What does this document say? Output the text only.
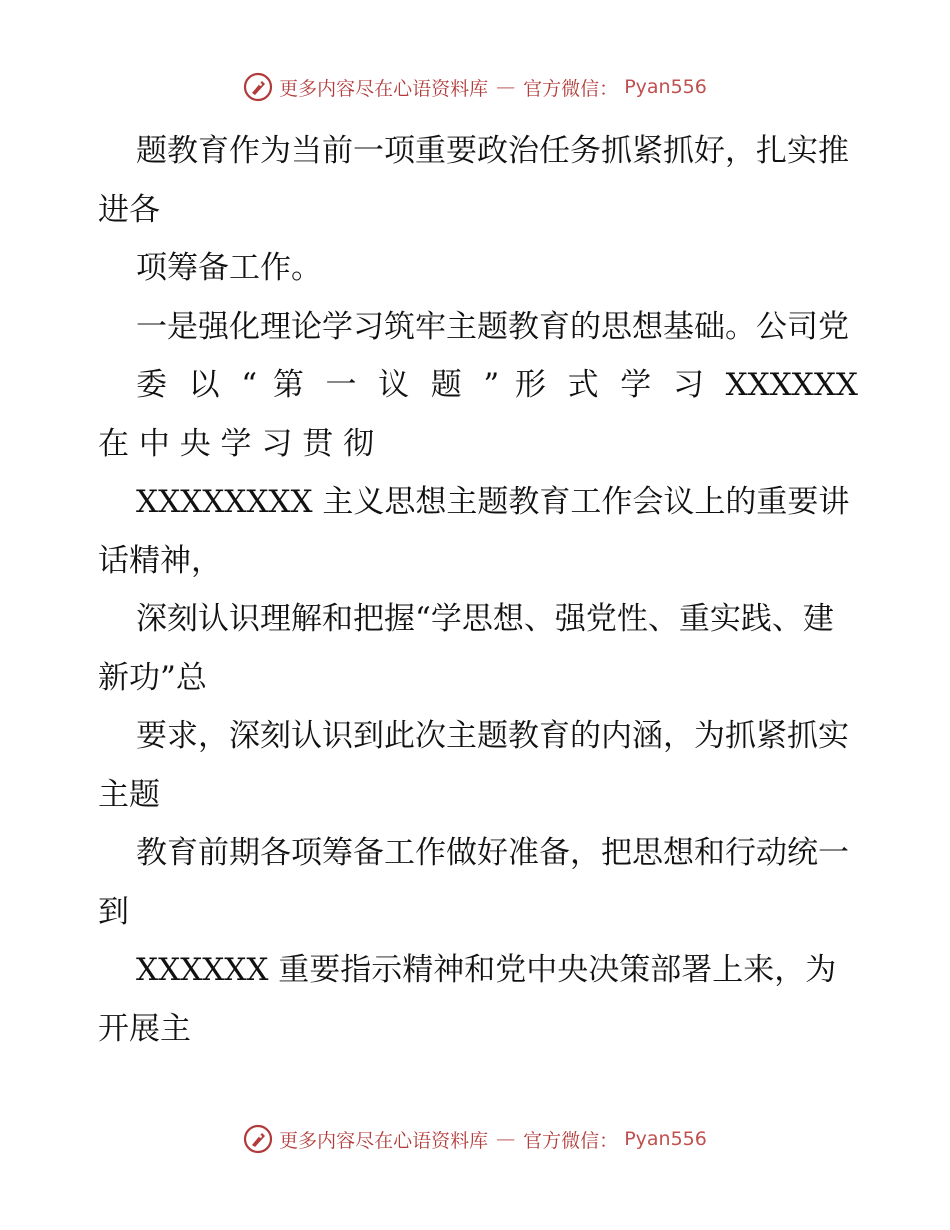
更多内容尽在心语资料库 — 官方微信： Pyan556

题教育作为当前一项重要政治任务抓紧抓好，扎实推进各

项筹备工作。

一是强化理论学习筑牢主题教育的思想基础。公司党

委 以 “ 第 一 议 题 ” 形 式 学 习 XXXXXX

在 中 央 学 习 贯 彻

XXXXXXXX 主义思想主题教育工作会议上的重要讲话精神，

深刻认识理解和把握“学思想、强党性、重实践、建新功”总

要求，深刻认识到此次主题教育的内涵，为抓紧抓实主题

教育前期各项筹备工作做好准备，把思想和行动统一到

XXXXXX 重要指示精神和党中央决策部署上来，为开展主

更多内容尽在心语资料库 — 官方微信： Pyan556
